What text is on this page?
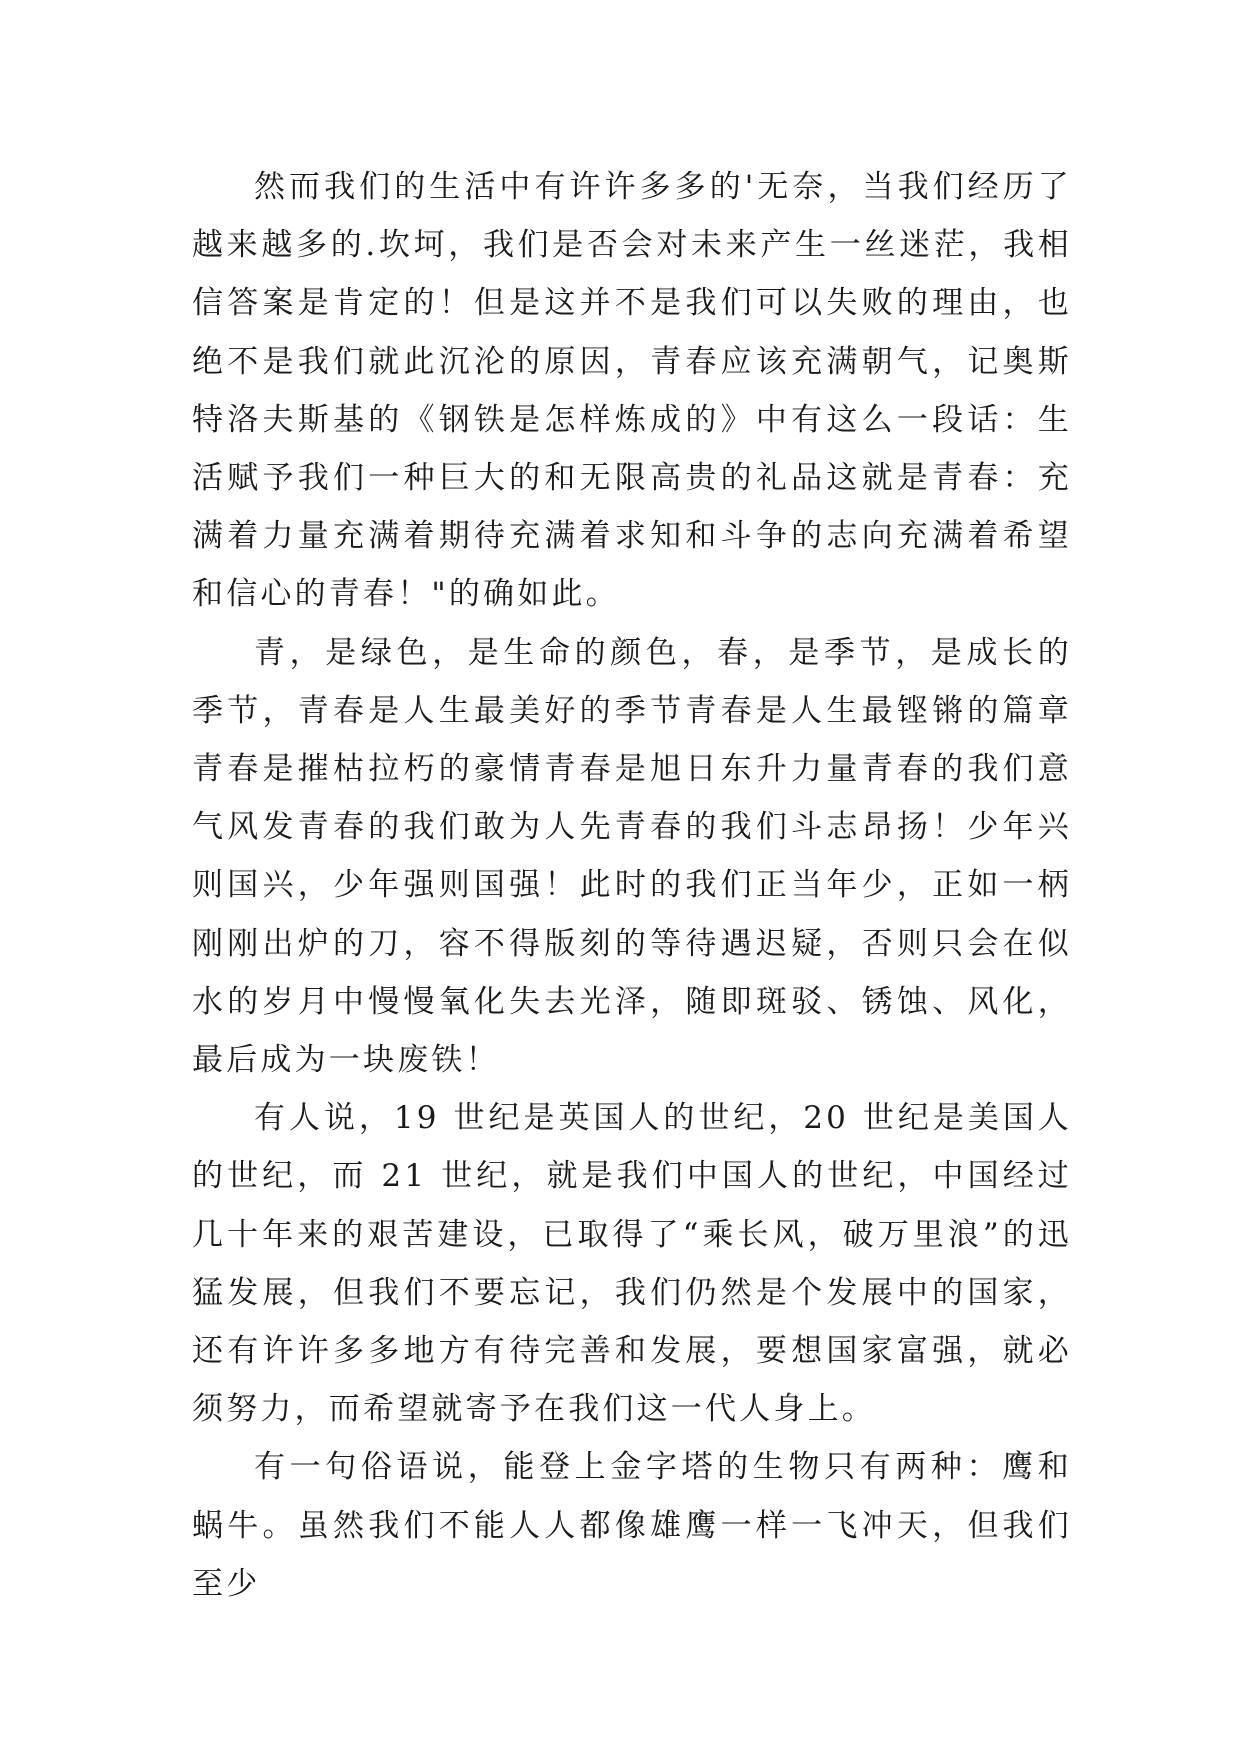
然而我们的生活中有许许多多的'无奈，当我们经历了越来越多的.坎坷，我们是否会对未来产生一丝迷茫，我相信答案是肯定的！但是这并不是我们可以失败的理由，也绝不是我们就此沉沦的原因，青春应该充满朝气，记奥斯特洛夫斯基的《钢铁是怎样炼成的》中有这么一段话：生活赋予我们一种巨大的和无限高贵的礼品这就是青春：充满着力量充满着期待充满着求知和斗争的志向充满着希望和信心的青春！"的确如此。

青，是绿色，是生命的颜色，春，是季节，是成长的季节，青春是人生最美好的季节青春是人生最铿锵的篇章青春是摧枯拉朽的豪情青春是旭日东升力量青春的我们意气风发青春的我们敢为人先青春的我们斗志昂扬！少年兴则国兴，少年强则国强！此时的我们正当年少，正如一柄刚刚出炉的刀，容不得版刻的等待遇迟疑，否则只会在似水的岁月中慢慢氧化失去光泽，随即斑驳、锈蚀、风化，最后成为一块废铁！

有人说，19 世纪是英国人的世纪，20 世纪是美国人的世纪，而 21 世纪，就是我们中国人的世纪，中国经过几十年来的艰苦建设，已取得了“乘长风，破万里浪”的迅猛发展，但我们不要忘记，我们仍然是个发展中的国家，还有许许多多地方有待完善和发展，要想国家富强，就必须努力，而希望就寄予在我们这一代人身上。

有一句俗语说，能登上金字塔的生物只有两种：鹰和蜗牛。虽然我们不能人人都像雄鹰一样一飞冲天，但我们至少
